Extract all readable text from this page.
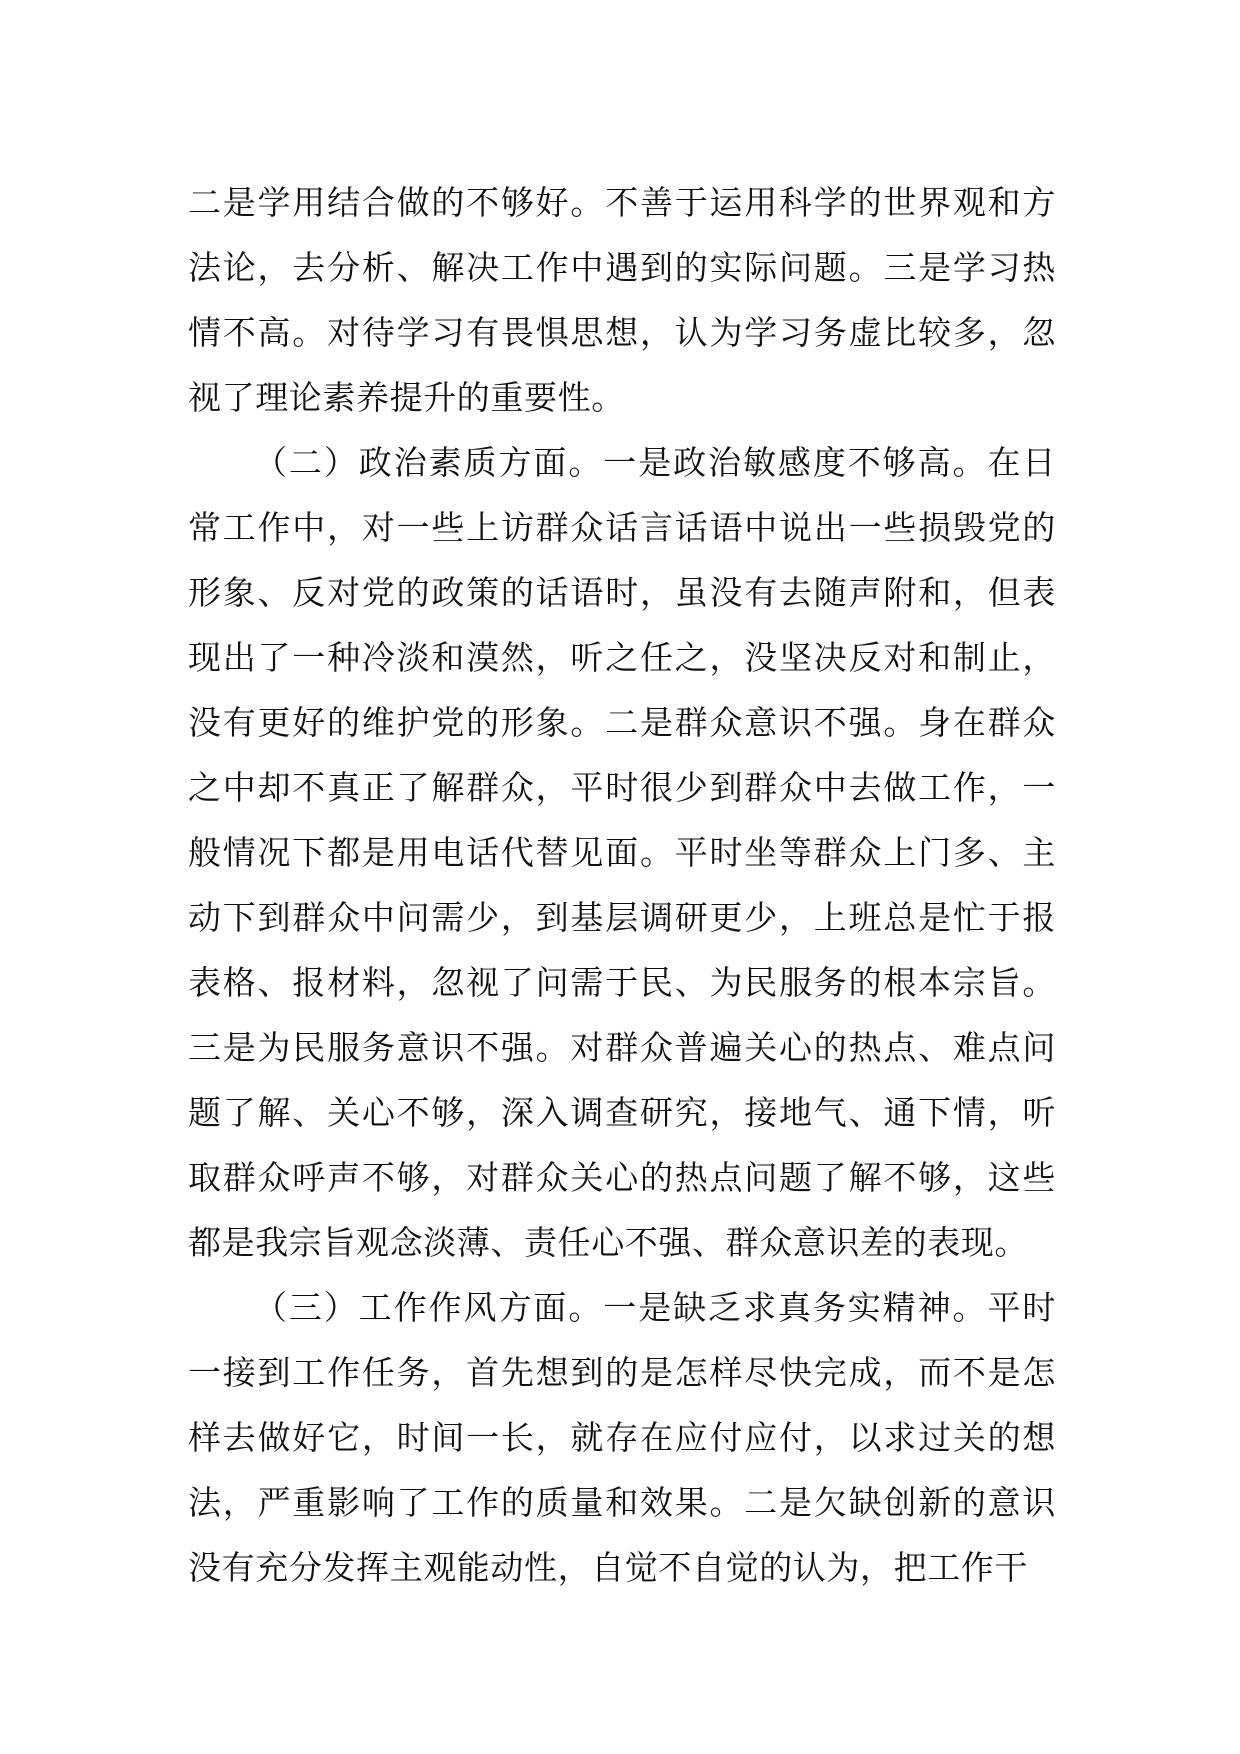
二是学用结合做的不够好。不善于运用科学的世界观和方法论，去分析、解决工作中遇到的实际问题。三是学习热情不高。对待学习有畏惧思想，认为学习务虚比较多，忽视了理论素养提升的重要性。

（二）政治素质方面。一是政治敏感度不够高。在日常工作中，对一些上访群众话言话语中说出一些损毁党的形象、反对党的政策的话语时，虽没有去随声附和，但表现出了一种冷淡和漠然，听之任之，没坚决反对和制止，没有更好的维护党的形象。二是群众意识不强。身在群众之中却不真正了解群众，平时很少到群众中去做工作，一般情况下都是用电话代替见面。平时坐等群众上门多、主动下到群众中问需少，到基层调研更少，上班总是忙于报表格、报材料，忽视了问需于民、为民服务的根本宗旨。三是为民服务意识不强。对群众普遍关心的热点、难点问题了解、关心不够，深入调查研究，接地气、通下情，听取群众呼声不够，对群众关心的热点问题了解不够，这些都是我宗旨观念淡薄、责任心不强、群众意识差的表现。

（三）工作作风方面。一是缺乏求真务实精神。平时一接到工作任务，首先想到的是怎样尽快完成，而不是怎样去做好它，时间一长，就存在应付应付，以求过关的想法，严重影响了工作的质量和效果。二是欠缺创新的意识没有充分发挥主观能动性，自觉不自觉的认为，把工作干
